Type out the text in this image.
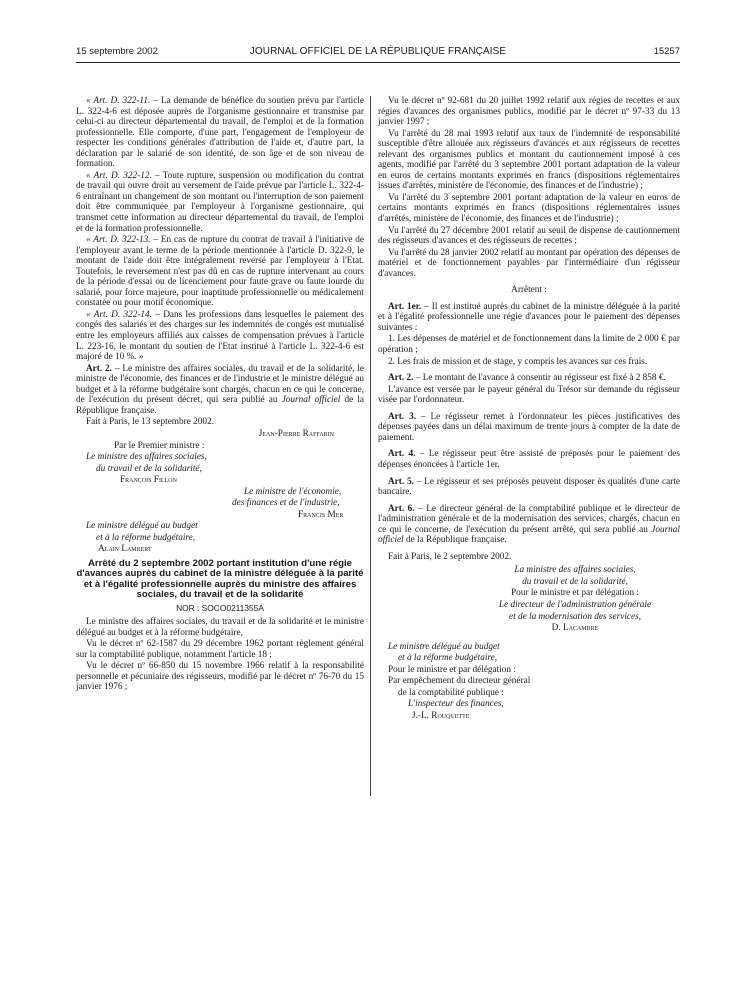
15 septembre 2002	JOURNAL OFFICIEL DE LA RÉPUBLIQUE FRANÇAISE	15257

« Art. D. 322-11. – La demande de bénéfice du soutien prévu par l'article L. 322-4-6 est déposée auprès de l'organisme gestionnaire et transmise par celui-ci au directeur départemental du travail, de l'emploi et de la formation professionnelle. Elle comporte, d'une part, l'engagement de l'employeur de respecter les conditions générales d'attribution de l'aide et, d'autre part, la déclaration par le salarié de son identité, de son âge et de son niveau de formation.

« Art. D. 322-12. – Toute rupture, suspension ou modification du contrat de travail qui ouvre droit au versement de l'aide prévue par l'article L. 322-4-6 entraînant un changement de son montant ou l'interruption de son paiement doit être communiquée par l'employeur à l'organisme gestionnaire, qui transmet cette information au directeur départemental du travail, de l'emploi et de la formation professionnelle.

« Art. D. 322-13. – En cas de rupture du contrat de travail à l'initiative de l'employeur avant le terme de la période mentionnée à l'article D. 322-9, le montant de l'aide doit être intégralement reversé par l'employeur à l'Etat. Toutefois, le reversement n'est pas dû en cas de rupture intervenant au cours de la période d'essai ou de licenciement pour faute grave ou faute lourde du salarié, pour force majeure, pour inaptitude professionnelle ou médicalement constatée ou pour motif économique.

« Art. D. 322-14. – Dans les professions dans lesquelles le paiement des congés des salariés et des charges sur les indemnités de congés est mutualisé entre les employeurs affiliés aux caisses de compensation prévues à l'article L. 223-16, le montant du soutien de l'Etat institué à l'article L. 322-4-6 est majoré de 10 %. »

Art. 2. – Le ministre des affaires sociales, du travail et de la solidarité, le ministre de l'économie, des finances et de l'industrie et le ministre délégué au budget et à la réforme budgétaire sont chargés, chacun en ce qui le concerne, de l'exécution du présent décret, qui sera publié au Journal officiel de la République française.

Fait à Paris, le 13 septembre 2002.

Jean-Pierre Raffarin

Par le Premier ministre :

Le ministre des affaires sociales,

du travail et de la solidarité,

François Fillon

Le ministre de l'économie,

des finances et de l'industrie,

Francis Mer

Le ministre délégué au budget

et à la réforme budgétaire,

Alain Lambert

Arrêté du 2 septembre 2002 portant institution d'une régie d'avances auprès du cabinet de la ministre déléguée à la parité et à l'égalité professionnelle auprès du ministre des affaires sociales, du travail et de la solidarité
NOR : SOCO0211355A

Le ministre des affaires sociales, du travail et de la solidarité et le ministre délégué au budget et à la réforme budgétaire,

Vu le décret nº 62-1587 du 29 décembre 1962 portant règlement général sur la comptabilité publique, notamment l'article 18 ;

Vu le décret nº 66-850 du 15 novembre 1966 relatif à la responsabilité personnelle et pécuniaire des régisseurs, modifié par le décret nº 76-70 du 15 janvier 1976 ;

Vu le décret nº 92-681 du 20 juillet 1992 relatif aux régies de recettes et aux régies d'avances des organismes publics, modifié par le décret nº 97-33 du 13 janvier 1997 ;

Vu l'arrêté du 28 mai 1993 relatif aux taux de l'indemnité de responsabilité susceptible d'être allouée aux régisseurs d'avances et aux régisseurs de recettes relevant des organismes publics et montant du cautionnement imposé à ces agents, modifié par l'arrêté du 3 septembre 2001 portant adaptation de la valeur en euros de certains montants exprimés en francs (dispositions réglementaires issues d'arrêtés, ministère de l'économie, des finances et de l'industrie) ;

Vu l'arrêté du 3 septembre 2001 portant adaptation de la valeur en euros de certains montants exprimés en francs (dispositions réglementaires issues d'arrêtés, ministère de l'économie, des finances et de l'industrie) ;

Vu l'arrêté du 27 décembre 2001 relatif au seuil de dispense de cautionnement des régisseurs d'avances et des régisseurs de recettes ;

Vu l'arrêté du 28 janvier 2002 relatif au montant par opération des dépenses de matériel et de fonctionnement payables par l'intermédiaire d'un régisseur d'avances.

Arrêtent :

Art. 1er. – Il est institué auprès du cabinet de la ministre déléguée à la parité et à l'égalité professionnelle une régie d'avances pour le paiement des dépenses suivantes :

1. Les dépenses de matériel et de fonctionnement dans la limite de 2 000 € par opération ;

2. Les frais de mission et de stage, y compris les avances sur ces frais.

Art. 2. – Le montant de l'avance à consentir au régisseur est fixé à 2 858 €.

L'avance est versée par le payeur général du Trésor sur demande du régisseur visée par l'ordonnateur.

Art. 3. – Le régisseur remet à l'ordonnateur les pièces justificatives des dépenses payées dans un délai maximum de trente jours à compter de la date de paiement.

Art. 4. – Le régisseur peut être assisté de préposés pour le paiement des dépenses énoncées à l'article 1er.

Art. 5. – Le régisseur et ses préposés peuvent disposer ès qualités d'une carte bancaire.

Art. 6. – Le directeur général de la comptabilité publique et le directeur de l'administration générale et de la modernisation des services, chargés, chacun en ce qui le concerne, de l'exécution du présent arrêté, qui sera publié au Journal officiel de la République française.

Fait à Paris, le 2 septembre 2002.

La ministre des affaires sociales,

du travail et de la solidarité,

Pour le ministre et par délégation :

Le directeur de l'administration générale

et de la modernisation des services,

D. Lacambre

Le ministre délégué au budget

et à la réforme budgétaire,

Pour le ministre et par délégation :

Par empêchement du directeur général

de la comptabilité publique :

L'inspecteur des finances,

J.-L. Rouquette
